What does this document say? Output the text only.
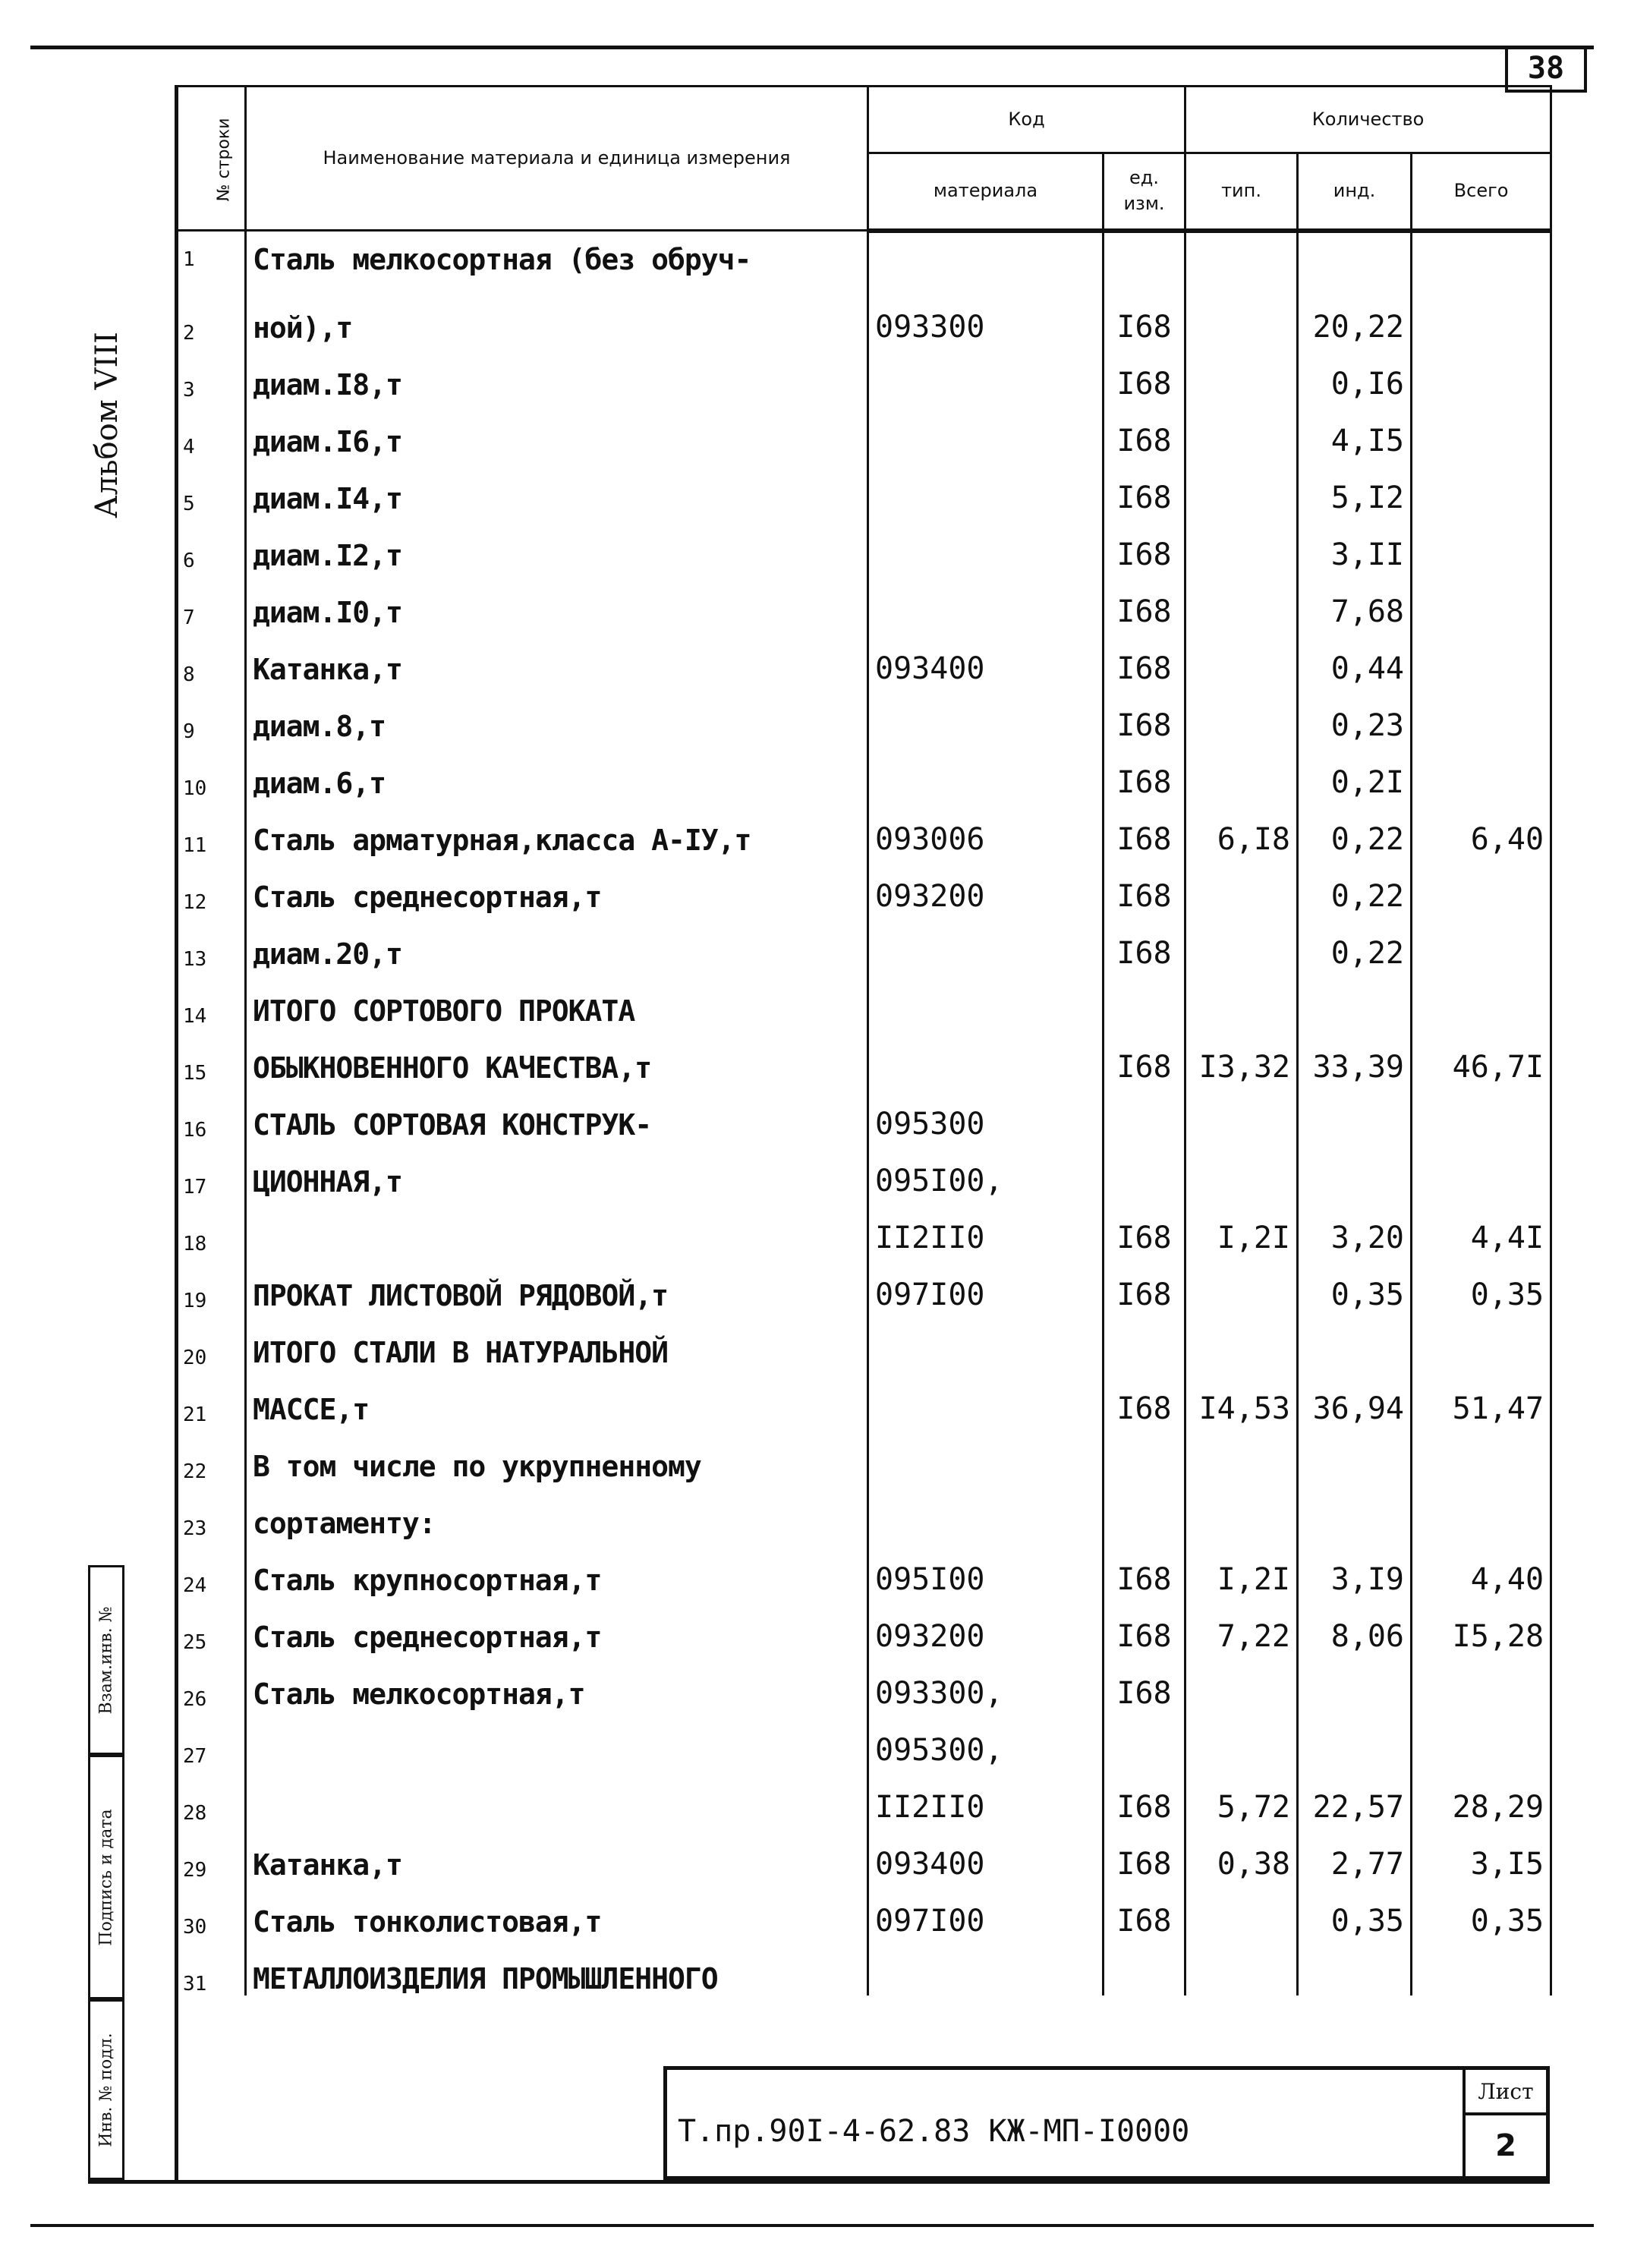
38
Альбом VIII
Взам.инв. №
Подпись и дата
Инв. № подл.
№ строки	Наименование материала и единица измерения	Код		Количество		
		материала	ед. изм.	тип.	инд.	Всего
1	Сталь мелкосортная (без обруч-					
2	ной),т	093300	I68		20,22	
3	диам.I8,т		I68		0,I6	
4	диам.I6,т		I68		4,I5	
5	диам.I4,т		I68		5,I2	
6	диам.I2,т		I68		3,II	
7	диам.I0,т		I68		7,68	
8	Катанка,т	093400	I68		0,44	
9	диам.8,т		I68		0,23	
10	диам.6,т		I68		0,2I	
11	Сталь арматурная,класса А-IУ,т	093006	I68	6,I8	0,22	6,40
12	Сталь среднесортная,т	093200	I68		0,22	
13	диам.20,т		I68		0,22	
14	ИТОГО СОРТОВОГО ПРОКАТА					
15	ОБЫКНОВЕННОГО КАЧЕСТВА,т		I68	I3,32	33,39	46,7I
16	СТАЛЬ СОРТОВАЯ КОНСТРУК-	095300				
17	ЦИОННАЯ,т	095I00,				
18		II2II0	I68	I,2I	3,20	4,4I
19	ПРОКАТ ЛИСТОВОЙ РЯДОВОЙ,т	097I00	I68		0,35	0,35
20	ИТОГО СТАЛИ В НАТУРАЛЬНОЙ					
21	МАССЕ,т		I68	I4,53	36,94	51,47
22	В том числе по укрупненному					
23	сортаменту:					
24	Сталь крупносортная,т	095I00	I68	I,2I	3,I9	4,40
25	Сталь среднесортная,т	093200	I68	7,22	8,06	I5,28
26	Сталь мелкосортная,т	093300,	I68			
27		095300,				
28		II2II0	I68	5,72	22,57	28,29
29	Катанка,т	093400	I68	0,38	2,77	3,I5
30	Сталь тонколистовая,т	097I00	I68		0,35	0,35
31	МЕТАЛЛОИЗДЕЛИЯ ПРОМЫШЛЕННОГО					
Т.пр.90I-4-62.83 КЖ-МП-I0000
Лист
2
